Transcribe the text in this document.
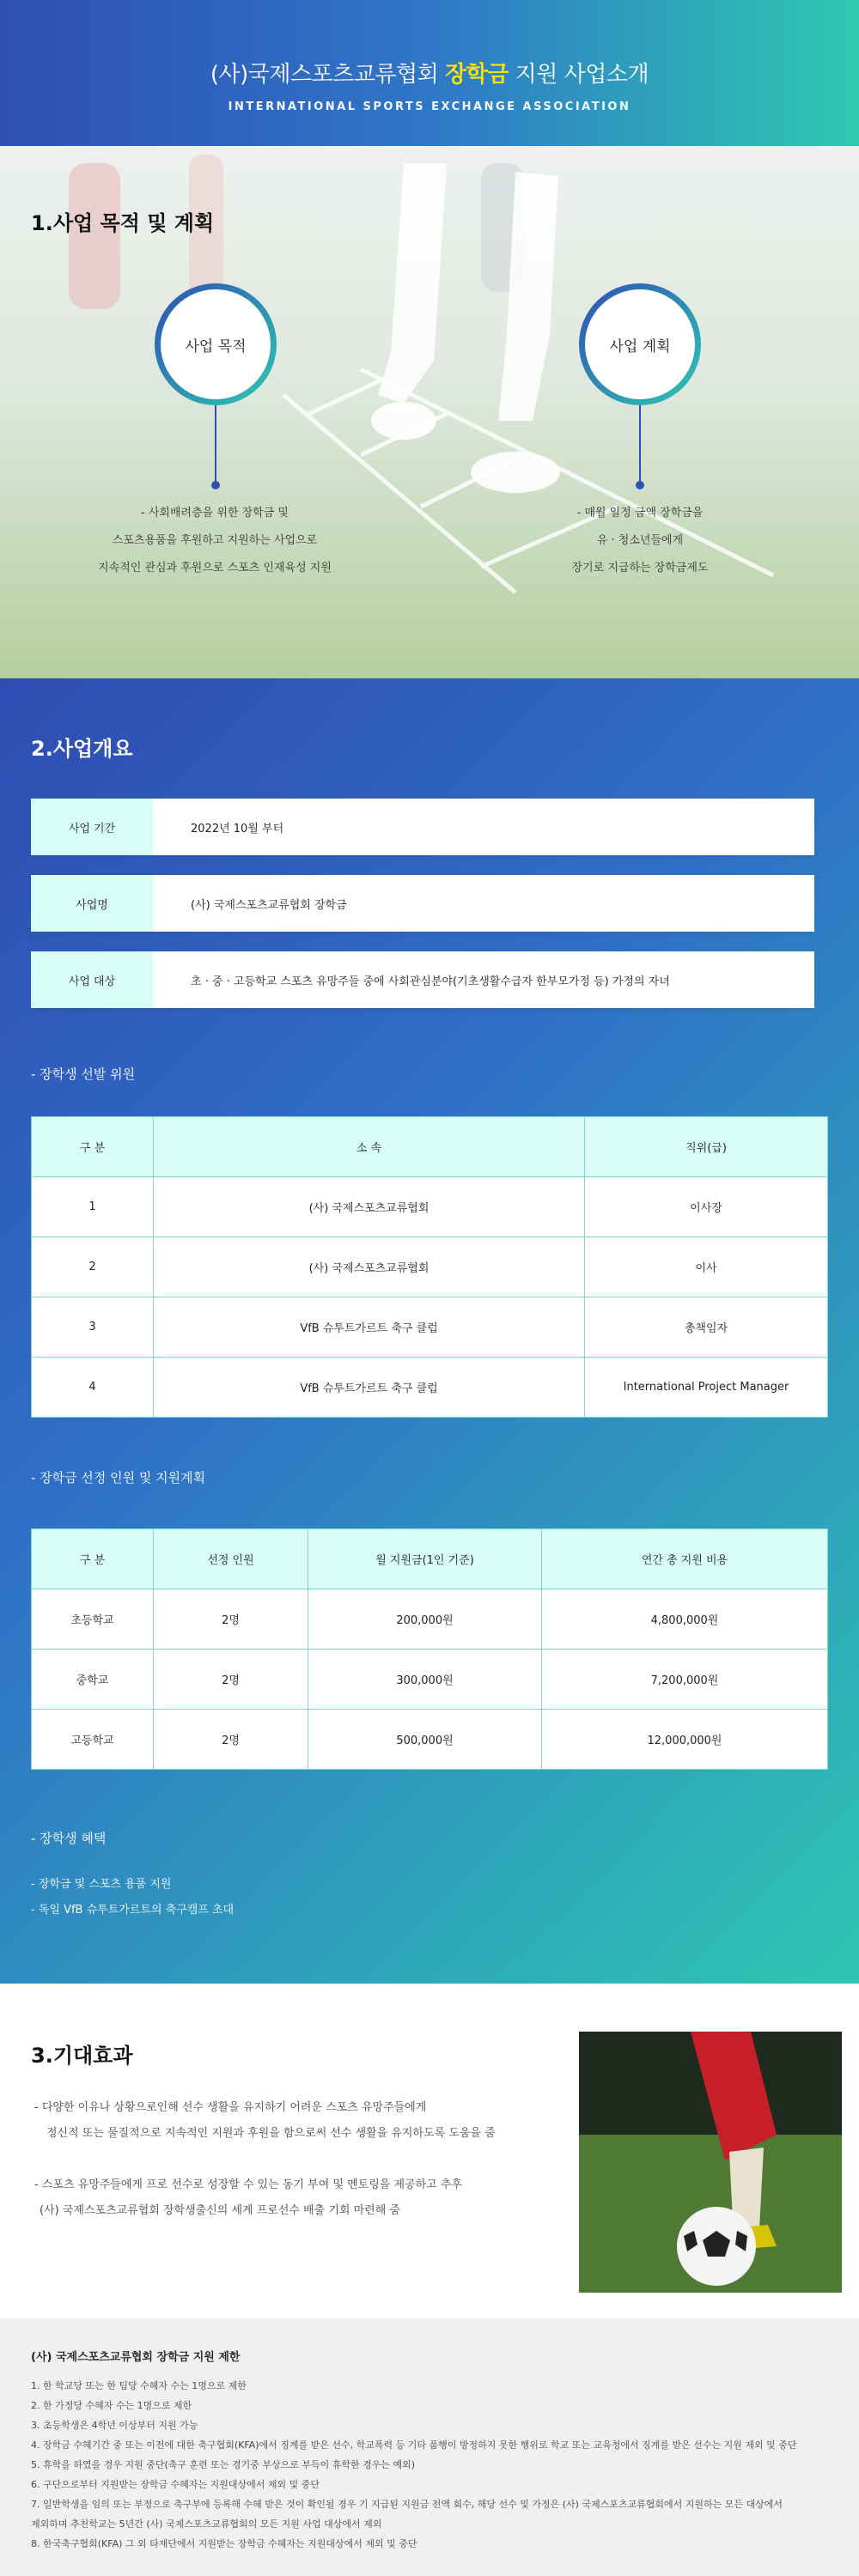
(사)국제스포츠교류협회 장학금 지원 사업소개
INTERNATIONAL SPORTS EXCHANGE ASSOCIATION
1.사업 목적 및 계획
사업 목적
- 사회배려층을 위한 장학금 및
스포츠용품을 후원하고 지원하는 사업으로
지속적인 관심과 후원으로 스포츠 인재육성 지원
사업 계획
- 매월 일정 금액 장학금을
유 · 청소년들에게
장기로 지급하는 장학금제도
2.사업개요
사업 기간	2022년 10월 부터
사업명	(사) 국제스포츠교류협회 장학금
사업 대상	초 · 중 · 고등학교 스포츠 유망주들 중에 사회관심분야(기초생활수급자 한부모가정 등) 가정의 자녀
- 장학생 선발 위원
구 분	소 속	직위(급)
1	(사) 국제스포츠교류협회	이사장
2	(사) 국제스포츠교류협회	이사
3	VfB 슈투트가르트 축구 클럽	총책임자
4	VfB 슈투트가르트 축구 클럽	International Project Manager
- 장학금 선정 인원 및 지원계획
구 분	선정 인원	월 지원금(1인 기준)	연간 총 지원 비용
초등학교	2명	200,000원	4,800,000원
중학교	2명	300,000원	7,200,000원
고등학교	2명	500,000원	12,000,000원
- 장학생 혜택
- 장학금 및 스포츠 용품 지원
- 독일 VfB 슈투트가르트의 축구캠프 초대
3.기대효과
- 다양한 이유나 상황으로인해 선수 생활을 유지하기 어려운 스포츠 유망주들에게
정신적 또는 물질적으로 지속적인 지원과 후원을 함으로써 선수 생활을 유지하도록 도움을 줌
- 스포츠 유망주들에게 프로 선수로 성장할 수 있는 동기 부여 및 멘토링을 제공하고 추후
(사) 국제스포츠교류협회 장학생출신의 세계 프로선수 배출 기회 마련해 줌
(사) 국제스포츠교류협회 장학금 지원 제한
1. 한 학교당 또는 한 팀당 수혜자 수는 1명으로 제한
2. 한 가정당 수혜자 수는 1명으로 제한
3. 초등학생은 4학년 이상부터 지원 가능
4. 장학금 수혜기간 중 또는 이전에 대한 축구협회(KFA)에서 징계를 받은 선수, 학교폭력 등 기타 품행이 방정하지 못한 행위로 학교 또는 교육청에서 징계를 받은 선수는 지원 제외 및 중단
5. 휴학을 하였을 경우 지원 중단(축구 훈련 또는 경기중 부상으로 부득이 휴학한 경우는 예외)
6. 구단으로부터 지원받는 장학금 수혜자는 지원대상에서 제외 및 중단
7. 일반학생을 임의 또는 부정으로 축구부에 등록해 수혜 받은 것이 확인될 경우 기 지급된 지원금 전액 회수, 해당 선수 및 가정은 (사) 국제스포츠교류협회에서 지원하는 모든 대상에서
제외하며 추천학교는 5년간 (사) 국제스포츠교류협회의 모든 지원 사업 대상에서 제외
8. 한국축구협회(KFA) 그 외 타재단에서 지원받는 장학금 수혜자는 지원대상에서 제외 및 중단
